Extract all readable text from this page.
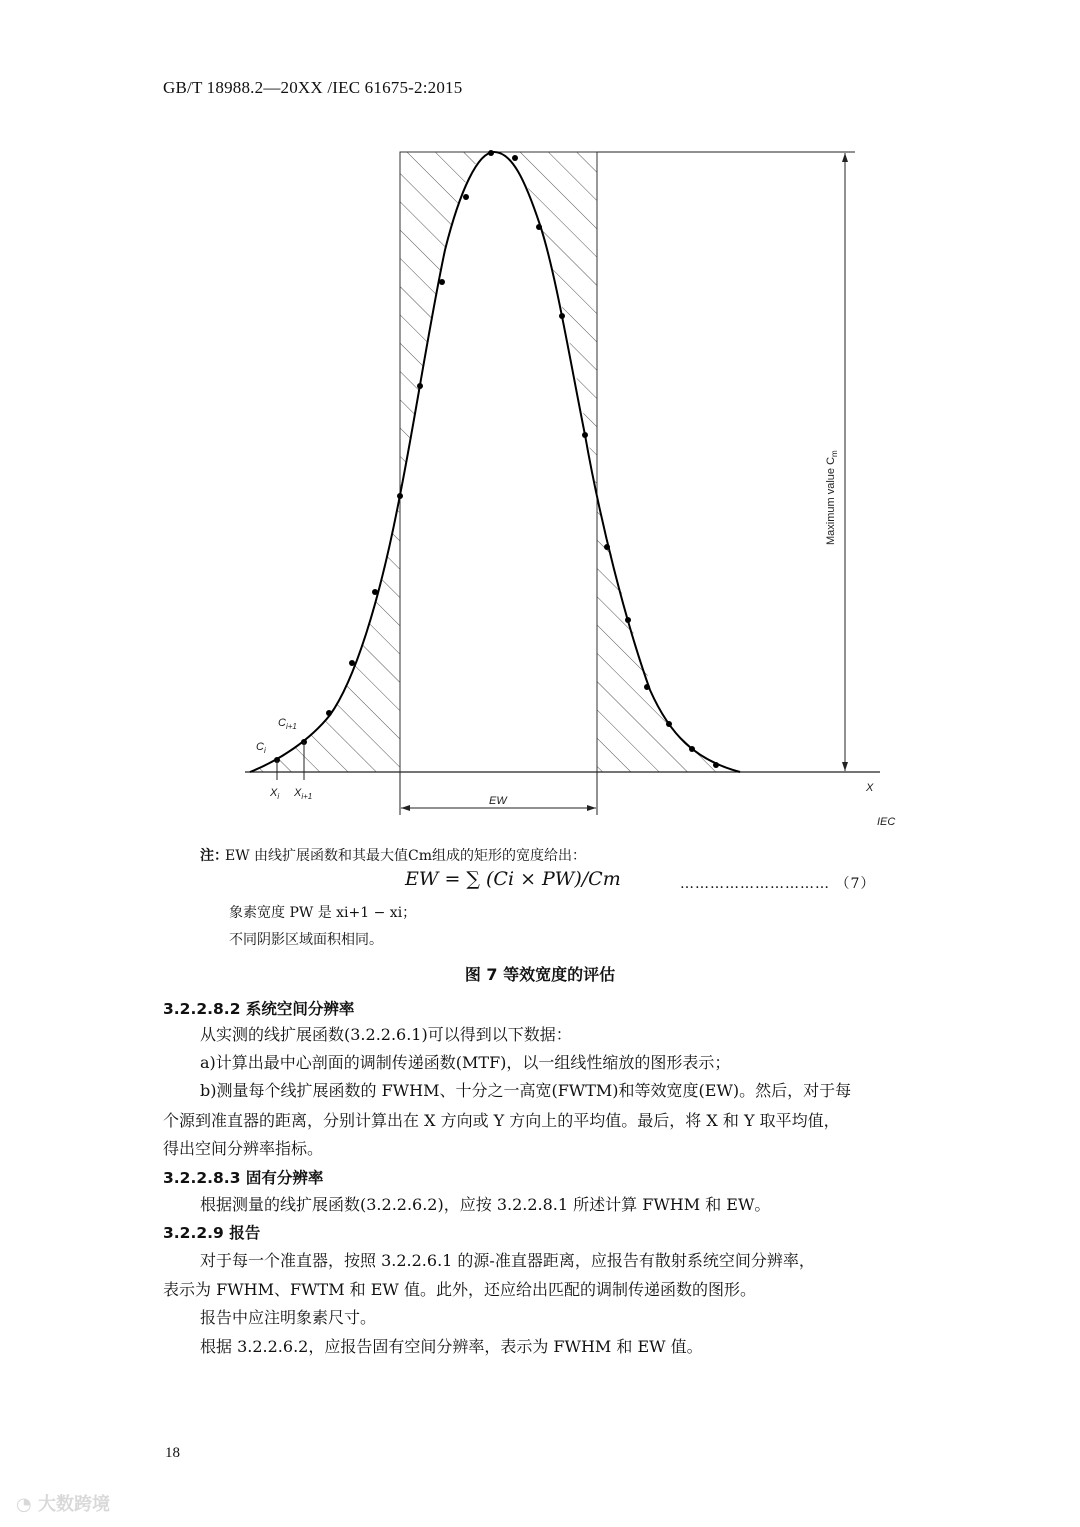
GB/T 18988.2—20XX /IEC 61675-2:2015
$C_i$
$C_{i+1}$
$X_i$ $X_{i+1}$	EW
X
IEC
Maximum value $C_m$
注：
EW 由线扩展函数和其最大值Cm组成的矩形的宽度给出：
EW = ∑ (Ci × PW)/Cm	………………………… （7）
象素宽度 PW 是 xi+1 − xi；
不同阴影区域面积相同。
图 7 等效宽度的评估
3.2.2.8.2 系统空间分辨率
从实测的线扩展函数(3.2.2.6.1)可以得到以下数据：
a)计算出最中心剖面的调制传递函数(MTF)，以一组线性缩放的图形表示；
b)测量每个线扩展函数的 FWHM、十分之一高宽(FWTM)和等效宽度(EW)。然后，对于每
个源到准直器的距离，分别计算出在 X 方向或 Y 方向上的平均值。最后，将 X 和 Y 取平均值，
得出空间分辨率指标。
3.2.2.8.3 固有分辨率
根据测量的线扩展函数(3.2.2.6.2)，应按 3.2.2.8.1 所述计算 FWHM 和 EW。
3.2.2.9 报告
对于每一个准直器，按照 3.2.2.6.1 的源-准直器距离，应报告有散射系统空间分辨率，
表示为 FWHM、FWTM 和 EW 值。此外，还应给出匹配的调制传递函数的图形。
报告中应注明象素尺寸。
根据 3.2.2.6.2，应报告固有空间分辨率，表示为 FWHM 和 EW 值。
18
◔ 大数跨境
